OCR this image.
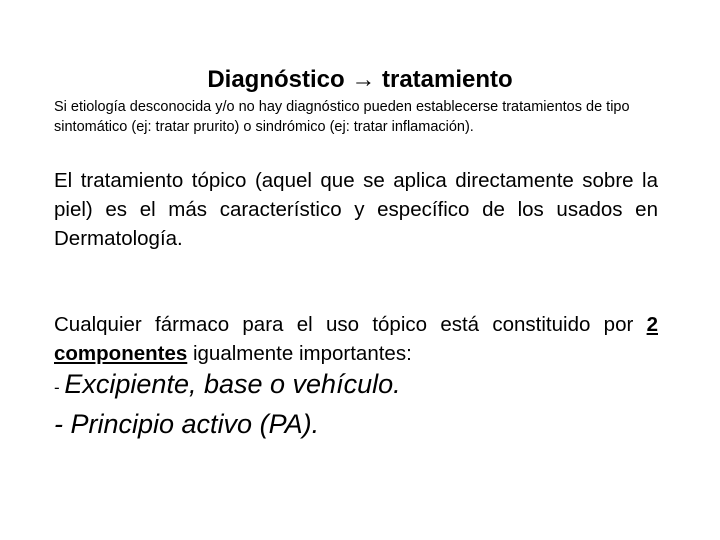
Diagnóstico → tratamiento

Si etiología desconocida y/o no hay diagnóstico pueden establecerse tratamientos de tipo sintomático (ej: tratar prurito) o sindrómico (ej: tratar inflamación).

El tratamiento tópico (aquel que se aplica directamente sobre la piel) es el más característico y específico de los usados en Dermatología.

Cualquier fármaco para el uso tópico está constituido por 2 componentes igualmente importantes:

- Excipiente, base o vehículo.
- Principio activo (PA).
